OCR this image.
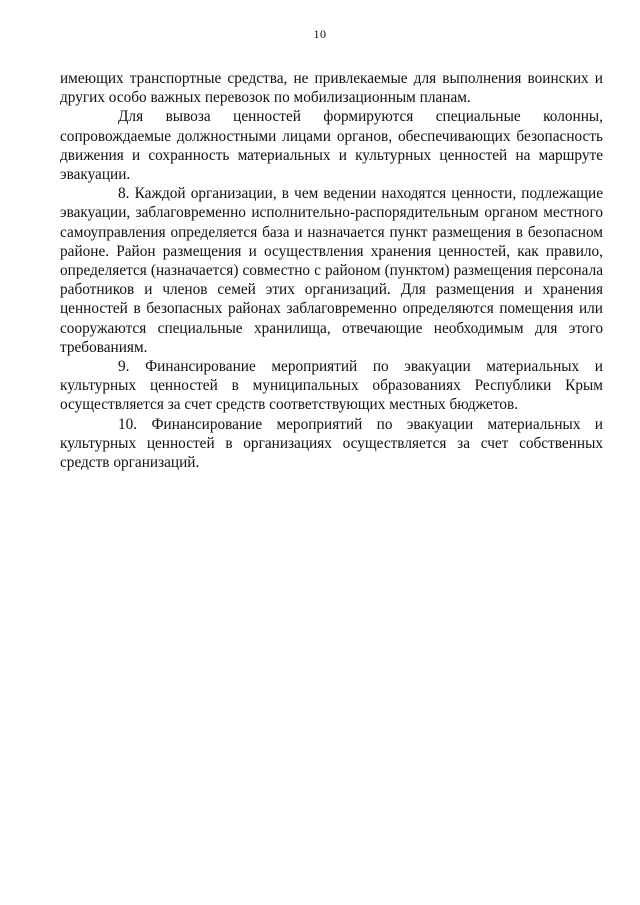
10

имеющих транспортные средства, не привлекаемые для выполнения воинских и других особо важных перевозок по мобилизационным планам.

Для вывоза ценностей формируются специальные колонны, сопровождаемые должностными лицами органов, обеспечивающих безопасность движения и сохранность материальных и культурных ценностей на маршруте эвакуации.

8. Каждой организации, в чем ведении находятся ценности, подлежащие эвакуации, заблаговременно исполнительно-распорядительным органом местного самоуправления определяется база и назначается пункт размещения в безопасном районе. Район размещения и осуществления хранения ценностей, как правило, определяется (назначается) совместно с районом (пунктом) размещения персонала работников и членов семей этих организаций. Для размещения и хранения ценностей в безопасных районах заблаговременно определяются помещения или сооружаются специальные хранилища, отвечающие необходимым для этого требованиям.

9. Финансирование мероприятий по эвакуации материальных и культурных ценностей в муниципальных образованиях Республики Крым осуществляется за счет средств соответствующих местных бюджетов.

10. Финансирование мероприятий по эвакуации материальных и культурных ценностей в организациях осуществляется за счет собственных средств организаций.
